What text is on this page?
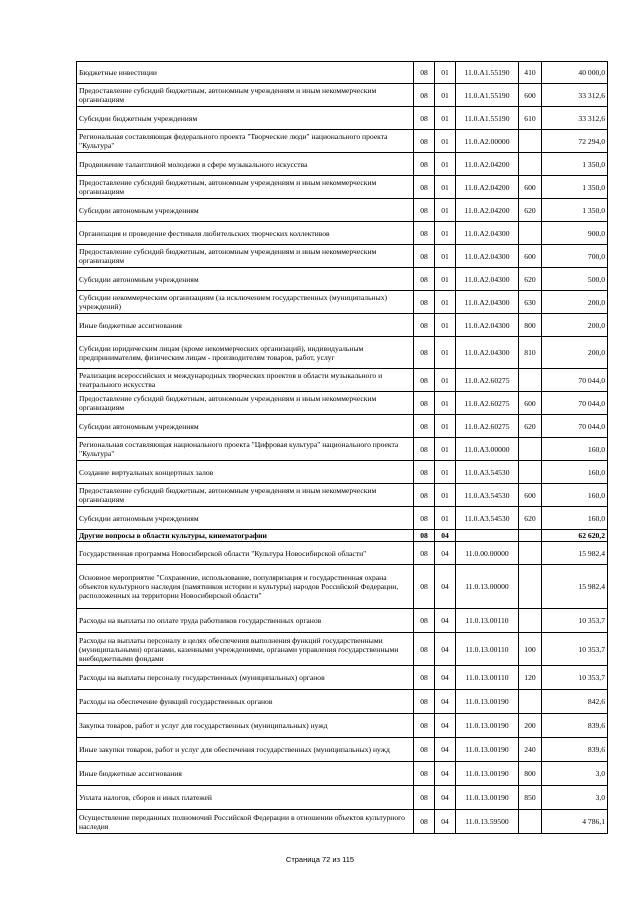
Бюджетные инвестиции	08	01	11.0.A1.55190	410	40 000,0
Предоставление субсидий бюджетным, автономным учреждениям и иным некоммерческим организациям	08	01	11.0.A1.55190	600	33 312,6
Субсидии бюджетным учреждениям	08	01	11.0.A1.55190	610	33 312,6
Региональная составляющая федерального проекта "Творческие люди" национального проекта "Культура"	08	01	11.0.A2.00000		72 294,0
Продвижение талантливой молодежи в сфере музыкального искусства	08	01	11.0.A2.04200		1 350,0
Предоставление субсидий бюджетным, автономным учреждениям и иным некоммерческим организациям	08	01	11.0.A2.04200	600	1 350,0
Субсидии автономным учреждениям	08	01	11.0.A2.04200	620	1 350,0
Организация и проведение фестиваля любительских творческих коллективов	08	01	11.0.A2.04300		900,0
Предоставление субсидий бюджетным, автономным учреждениям и иным некоммерческим организациям	08	01	11.0.A2.04300	600	700,0
Субсидии автономным учреждениям	08	01	11.0.A2.04300	620	500,0
Субсидии некоммерческим организациям (за исключением государственных (муниципальных) учреждений)	08	01	11.0.A2.04300	630	200,0
Иные бюджетные ассигнования	08	01	11.0.A2.04300	800	200,0
Субсидии юридическим лицам (кроме некоммерческих организаций), индивидуальным предпринимателям, физическим лицам - производителям товаров, работ, услуг	08	01	11.0.A2.04300	810	200,0
Реализация всероссийских и международных творческих проектов в области музыкального и театрального искусства	08	01	11.0.A2.60275		70 044,0
Предоставление субсидий бюджетным, автономным учреждениям и иным некоммерческим организациям	08	01	11.0.A2.60275	600	70 044,0
Субсидии автономным учреждениям	08	01	11.0.A2.60275	620	70 044,0
Региональная составляющая национального проекта "Цифровая культура" национального проекта "Культура"	08	01	11.0.A3.00000		160,0
Создание виртуальных концертных залов	08	01	11.0.A3.54530		160,0
Предоставление субсидий бюджетным, автономным учреждениям и иным некоммерческим организациям	08	01	11.0.A3.54530	600	160,0
Субсидии автономным учреждениям	08	01	11.0.A3.54530	620	160,0
Другие вопросы в области культуры, кинематографии	08	04			62 620,2
Государственная программа Новосибирской области "Культура Новосибирской области"	08	04	11.0.00.00000		15 982,4
Основное мероприятие "Сохранение, использование, популяризация и государственная охрана объектов культурного наследия (памятников истории и культуры) народов Российской Федерации, расположенных на территории Новосибирской области"	08	04	11.0.13.00000		15 982,4
Расходы на выплаты по оплате труда работников государственных органов	08	04	11.0.13.00110		10 353,7
Расходы на выплаты персоналу в целях обеспечения выполнения функций государственными (муниципальными) органами, казенными учреждениями, органами управления государственными внебюджетными фондами	08	04	11.0.13.00110	100	10 353,7
Расходы на выплаты персоналу государственных (муниципальных) органов	08	04	11.0.13.00110	120	10 353,7
Расходы на обеспечение функций государственных органов	08	04	11.0.13.00190		842,6
Закупка товаров, работ и услуг для государственных (муниципальных) нужд	08	04	11.0.13.00190	200	839,6
Иные закупки товаров, работ и услуг для обеспечения государственных (муниципальных) нужд	08	04	11.0.13.00190	240	839,6
Иные бюджетные ассигнования	08	04	11.0.13.00190	800	3,0
Уплата налогов, сборов и иных платежей	08	04	11.0.13.00190	850	3,0
Осуществление переданных полномочий Российской Федерации в отношении объектов культурного наследия	08	04	11.0.13.59500		4 786,1
Страница 72 из 115
